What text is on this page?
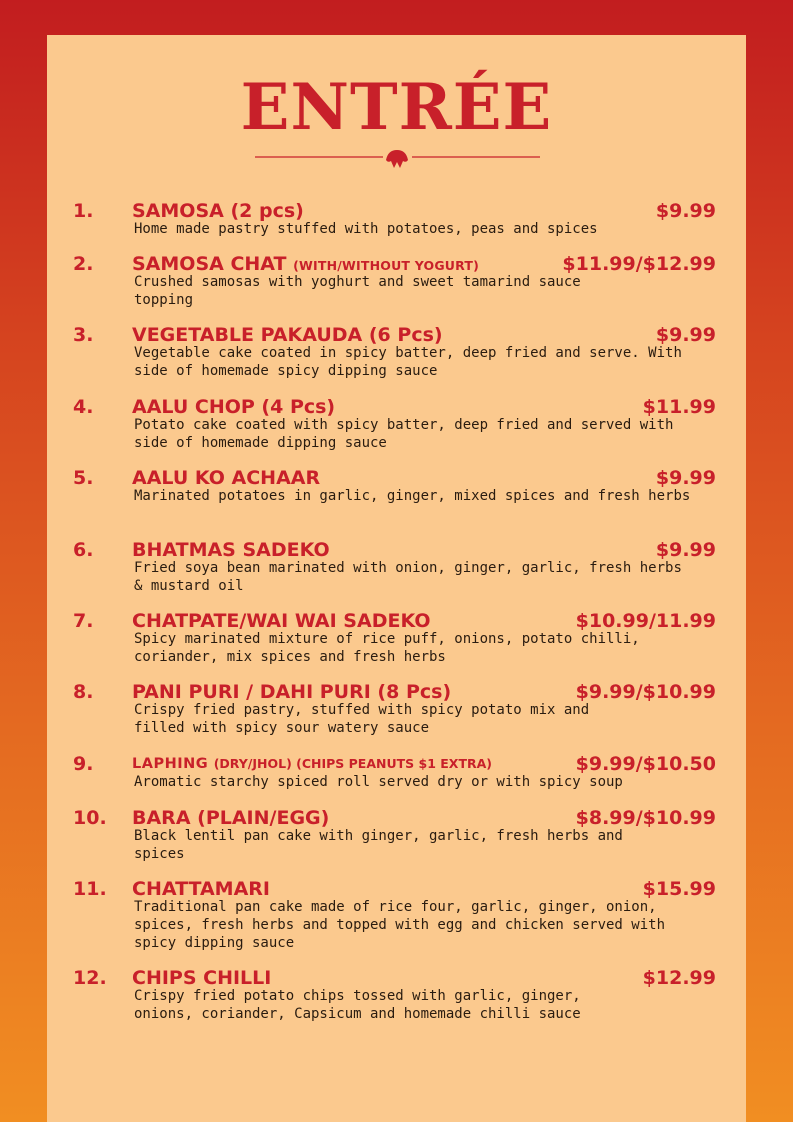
ENTRÉE
1. SAMOSA (2 pcs)	$9.99

Home made pastry stuffed with potatoes, peas and spices

2. SAMOSA CHAT (WITH/WITHOUT YOGURT)	$11.99/$12.99

Crushed samosas with yoghurt and sweet tamarind sauce topping

3. VEGETABLE PAKAUDA (6 Pcs)	$9.99

Vegetable cake coated in spicy batter, deep fried and serve. With side of homemade spicy dipping sauce

4. AALU CHOP (4 Pcs)	$11.99

Potato cake coated with spicy batter, deep fried and served with side of homemade dipping sauce

5. AALU KO ACHAAR	$9.99

Marinated potatoes in garlic, ginger, mixed spices and fresh herbs

6. BHATMAS SADEKO	$9.99

Fried soya bean marinated with onion, ginger, garlic, fresh herbs & mustard oil

7. CHATPATE/WAI WAI SADEKO	$10.99/11.99

Spicy marinated mixture of rice puff, onions, potato chilli, coriander, mix spices and fresh herbs

8. PANI PURI / DAHI PURI (8 Pcs)	$9.99/$10.99

Crispy fried pastry, stuffed with spicy potato mix and filled with spicy sour watery sauce

9.	LAPHING (DRY/JHOL) (CHIPS PEANUTS $1 EXTRA)	$9.99/$10.50

Aromatic starchy spiced roll served dry or with spicy soup

10. BARA (PLAIN/EGG)	$8.99/$10.99

Black lentil pan cake with ginger, garlic, fresh herbs and spices

11. CHATTAMARI	$15.99

Traditional pan cake made of rice four, garlic, ginger, onion, spices, fresh herbs and topped with egg and chicken served with spicy dipping sauce

12. CHIPS CHILLI	$12.99

Crispy fried potato chips tossed with garlic, ginger, onions, coriander, Capsicum and homemade chilli sauce
